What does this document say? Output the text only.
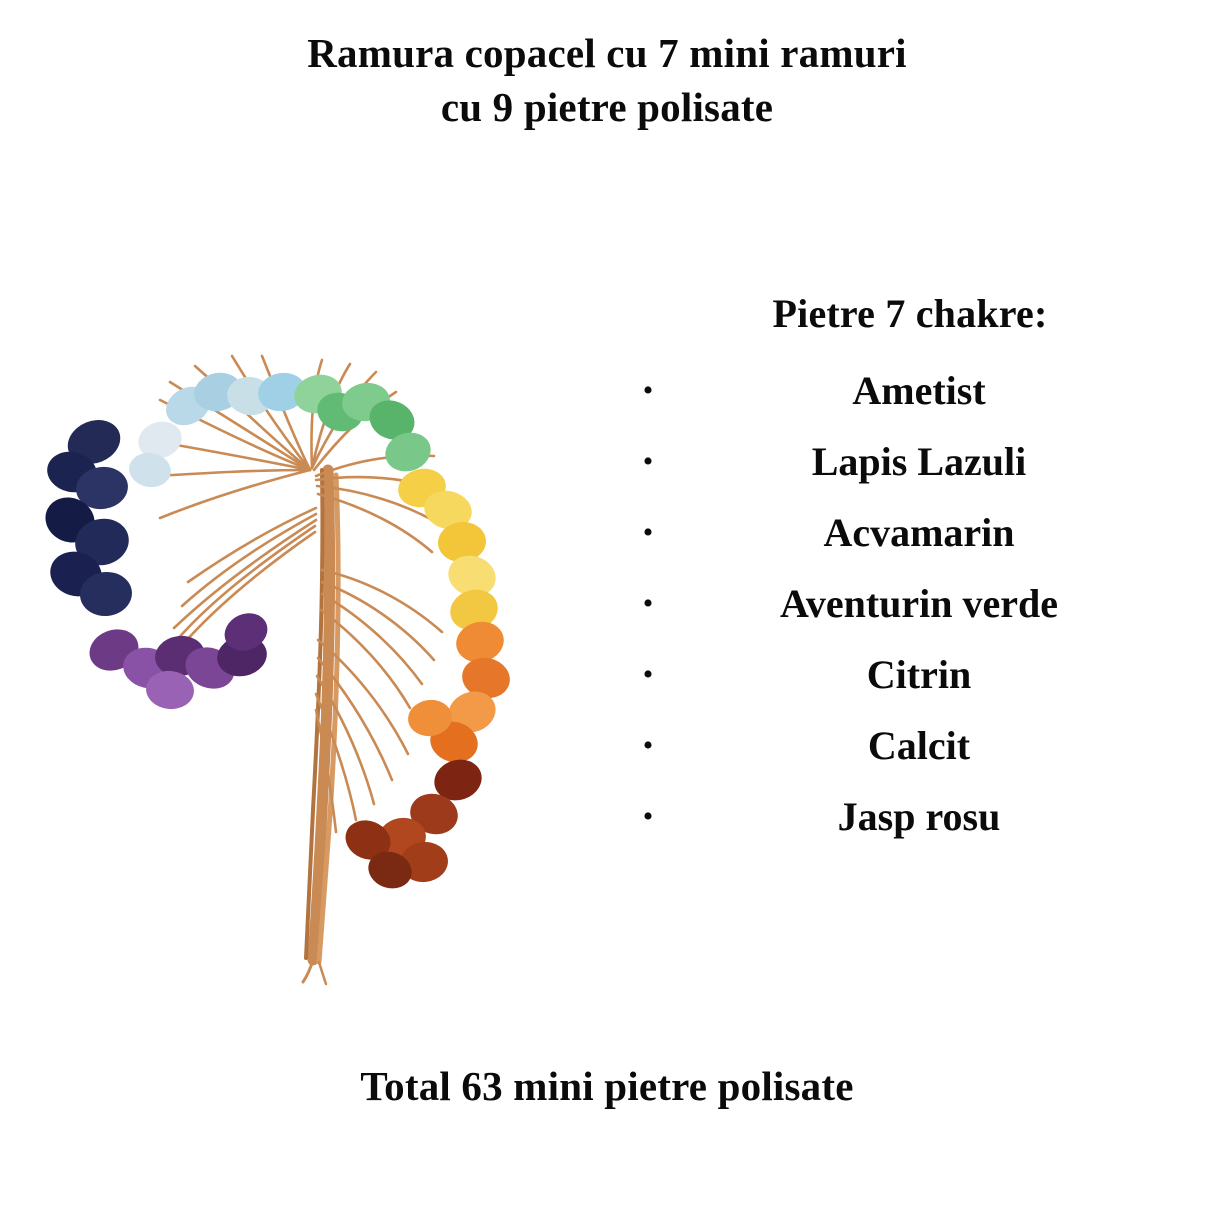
Ramura copacel cu 7 mini ramuri
cu 9 pietre polisate
Pietre 7 chakre:
•	Ametist
•	Lapis Lazuli
•	Acvamarin
•	Aventurin verde
•	Citrin
•	Calcit
•	Jasp rosu
Total 63 mini pietre polisate
